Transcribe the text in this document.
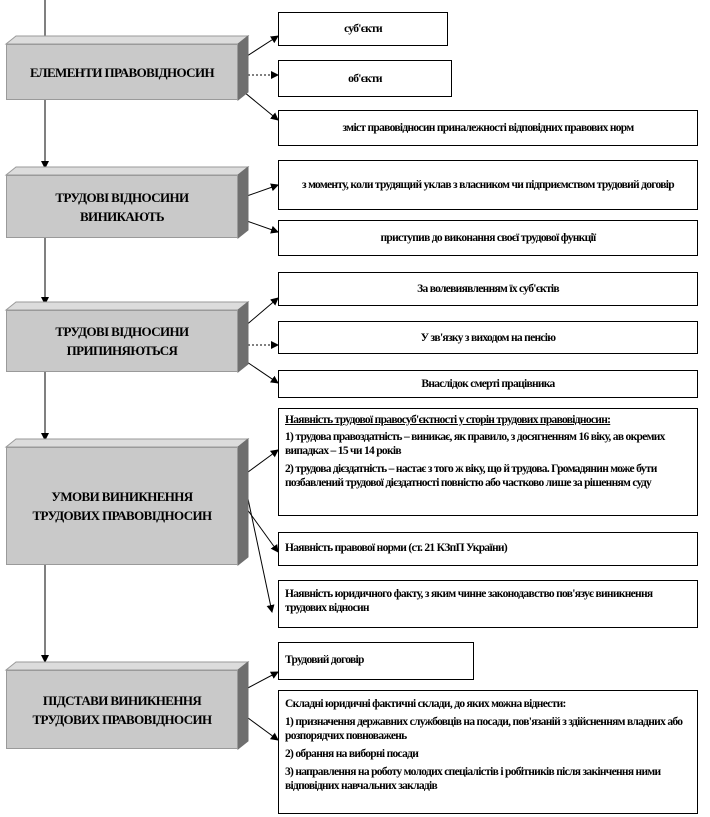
ЕЛЕМЕНТИ ПРАВОВІДНОСИН
ТРУДОВІ ВІДНОСИНИ ВИНИКАЮТЬ
ТРУДОВІ ВІДНОСИНИ ПРИПИНЯЮТЬСЯ
УМОВИ ВИНИКНЕННЯ ТРУДОВИХ ПРАВОВІДНОСИН
ПІДСТАВИ ВИНИКНЕННЯ ТРУДОВИХ ПРАВОВІДНОСИН
суб'єкти
об'єкти
зміст правовідносин приналежності відповідних правових норм
з моменту, коли трудящий уклав з власником чи підприємством трудовий договір
приступив до виконання своєї трудової функції
За волевиявленням їх суб'єктів
У зв'язку з виходом на пенсію
Внаслідок смерті працівника
Наявність трудової правосуб'єктності у сторін трудових правовідносин:
1) трудова правоздатність – виникає, як правило, з досягненням 16 віку, ав окремих випадках – 15 чи 14 років
2) трудова дієздатність – настає з того ж віку, що й трудова. Громадянин може бути позбавлений трудової дієздатності повністю або частково лише за рішенням суду
Наявність правової норми (ст. 21 КЗпП України)
Наявність юридичного факту, з яким чинне законодавство пов'язує виникнення трудових відносин
Трудовий договір
Складні юридичні фактичні склади, до яких можна віднести:
1) призначення державних службовців на посади, пов'язаній з здійсненням владних або розпорядчих повноважень
2) обрання на виборні посади
3) направлення на роботу молодих спеціалістів і робітників після закінчення ними відповідних навчальних закладів
